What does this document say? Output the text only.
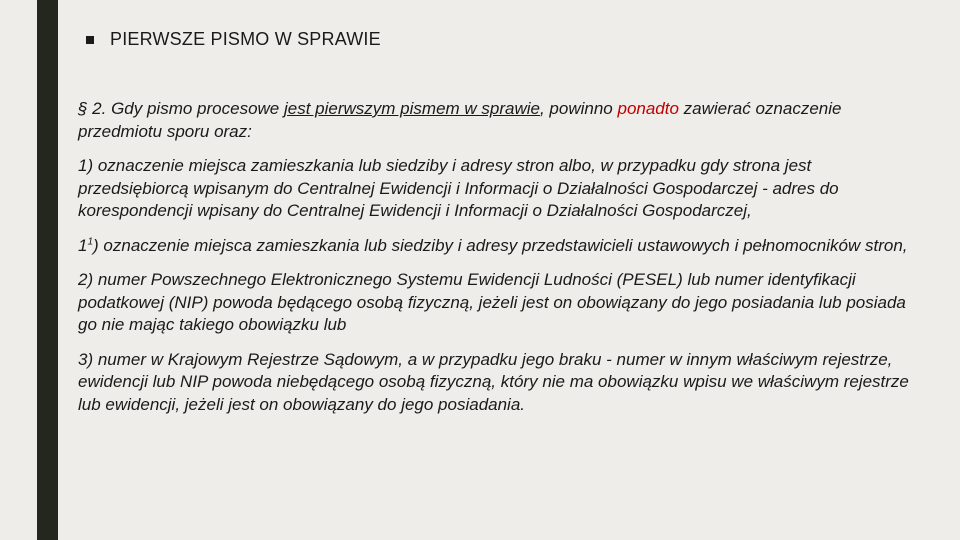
PIERWSZE PISMO W SPRAWIE

§ 2. Gdy pismo procesowe jest pierwszym pismem w sprawie, powinno ponadto zawierać oznaczenie przedmiotu sporu oraz:

1) oznaczenie miejsca zamieszkania lub siedziby i adresy stron albo, w przypadku gdy strona jest przedsiębiorcą wpisanym do Centralnej Ewidencji i Informacji o Działalności Gospodarczej - adres do korespondencji wpisany do Centralnej Ewidencji i Informacji o Działalności Gospodarczej,

$1^1$) oznaczenie miejsca zamieszkania lub siedziby i adresy przedstawicieli ustawowych i pełnomocników stron,

2) numer Powszechnego Elektronicznego Systemu Ewidencji Ludności (PESEL) lub numer identyfikacji podatkowej (NIP) powoda będącego osobą fizyczną, jeżeli jest on obowiązany do jego posiadania lub posiada go nie mając takiego obowiązku lub

3) numer w Krajowym Rejestrze Sądowym, a w przypadku jego braku - numer w innym właściwym rejestrze, ewidencji lub NIP powoda niebędącego osobą fizyczną, który nie ma obowiązku wpisu we właściwym rejestrze lub ewidencji, jeżeli jest on obowiązany do jego posiadania.
